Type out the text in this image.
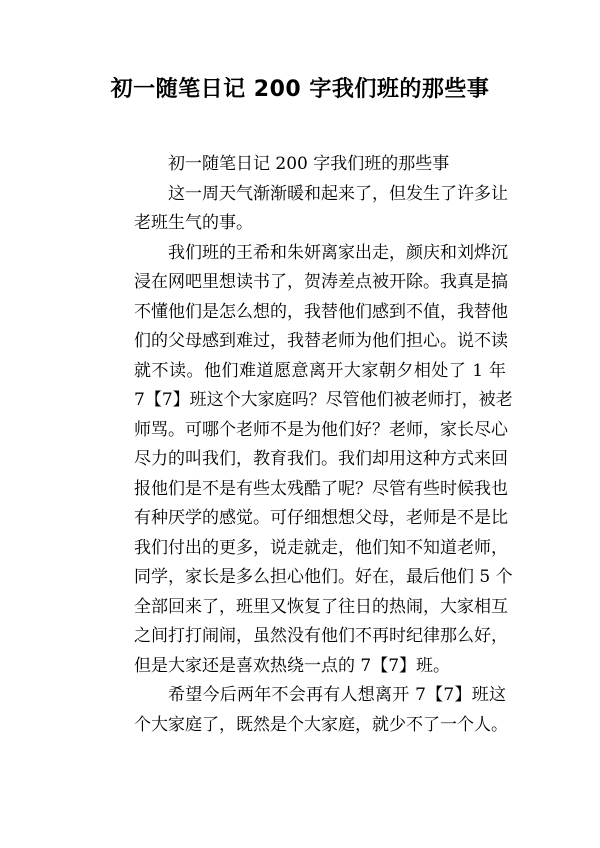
初一随笔日记 200 字我们班的那些事
初一随笔日记 200 字我们班的那些事
这一周天气渐渐暖和起来了，但发生了许多让
老班生气的事。
我们班的王希和朱妍离家出走，颜庆和刘烨沉
浸在网吧里想读书了，贺涛差点被开除。我真是搞
不懂他们是怎么想的，我替他们感到不值，我替他
们的父母感到难过，我替老师为他们担心。说不读
就不读。他们难道愿意离开大家朝夕相处了 1 年
7【7】班这个大家庭吗？尽管他们被老师打，被老
师骂。可哪个老师不是为他们好？老师，家长尽心
尽力的叫我们，教育我们。我们却用这种方式来回
报他们是不是有些太残酷了呢？尽管有些时候我也
有种厌学的感觉。可仔细想想父母，老师是不是比
我们付出的更多，说走就走，他们知不知道老师，
同学，家长是多么担心他们。好在，最后他们 5 个
全部回来了，班里又恢复了往日的热闹，大家相互
之间打打闹闹，虽然没有他们不再时纪律那么好，
但是大家还是喜欢热绕一点的 7【7】班。
希望今后两年不会再有人想离开 7【7】班这
个大家庭了，既然是个大家庭，就少不了一个人。
